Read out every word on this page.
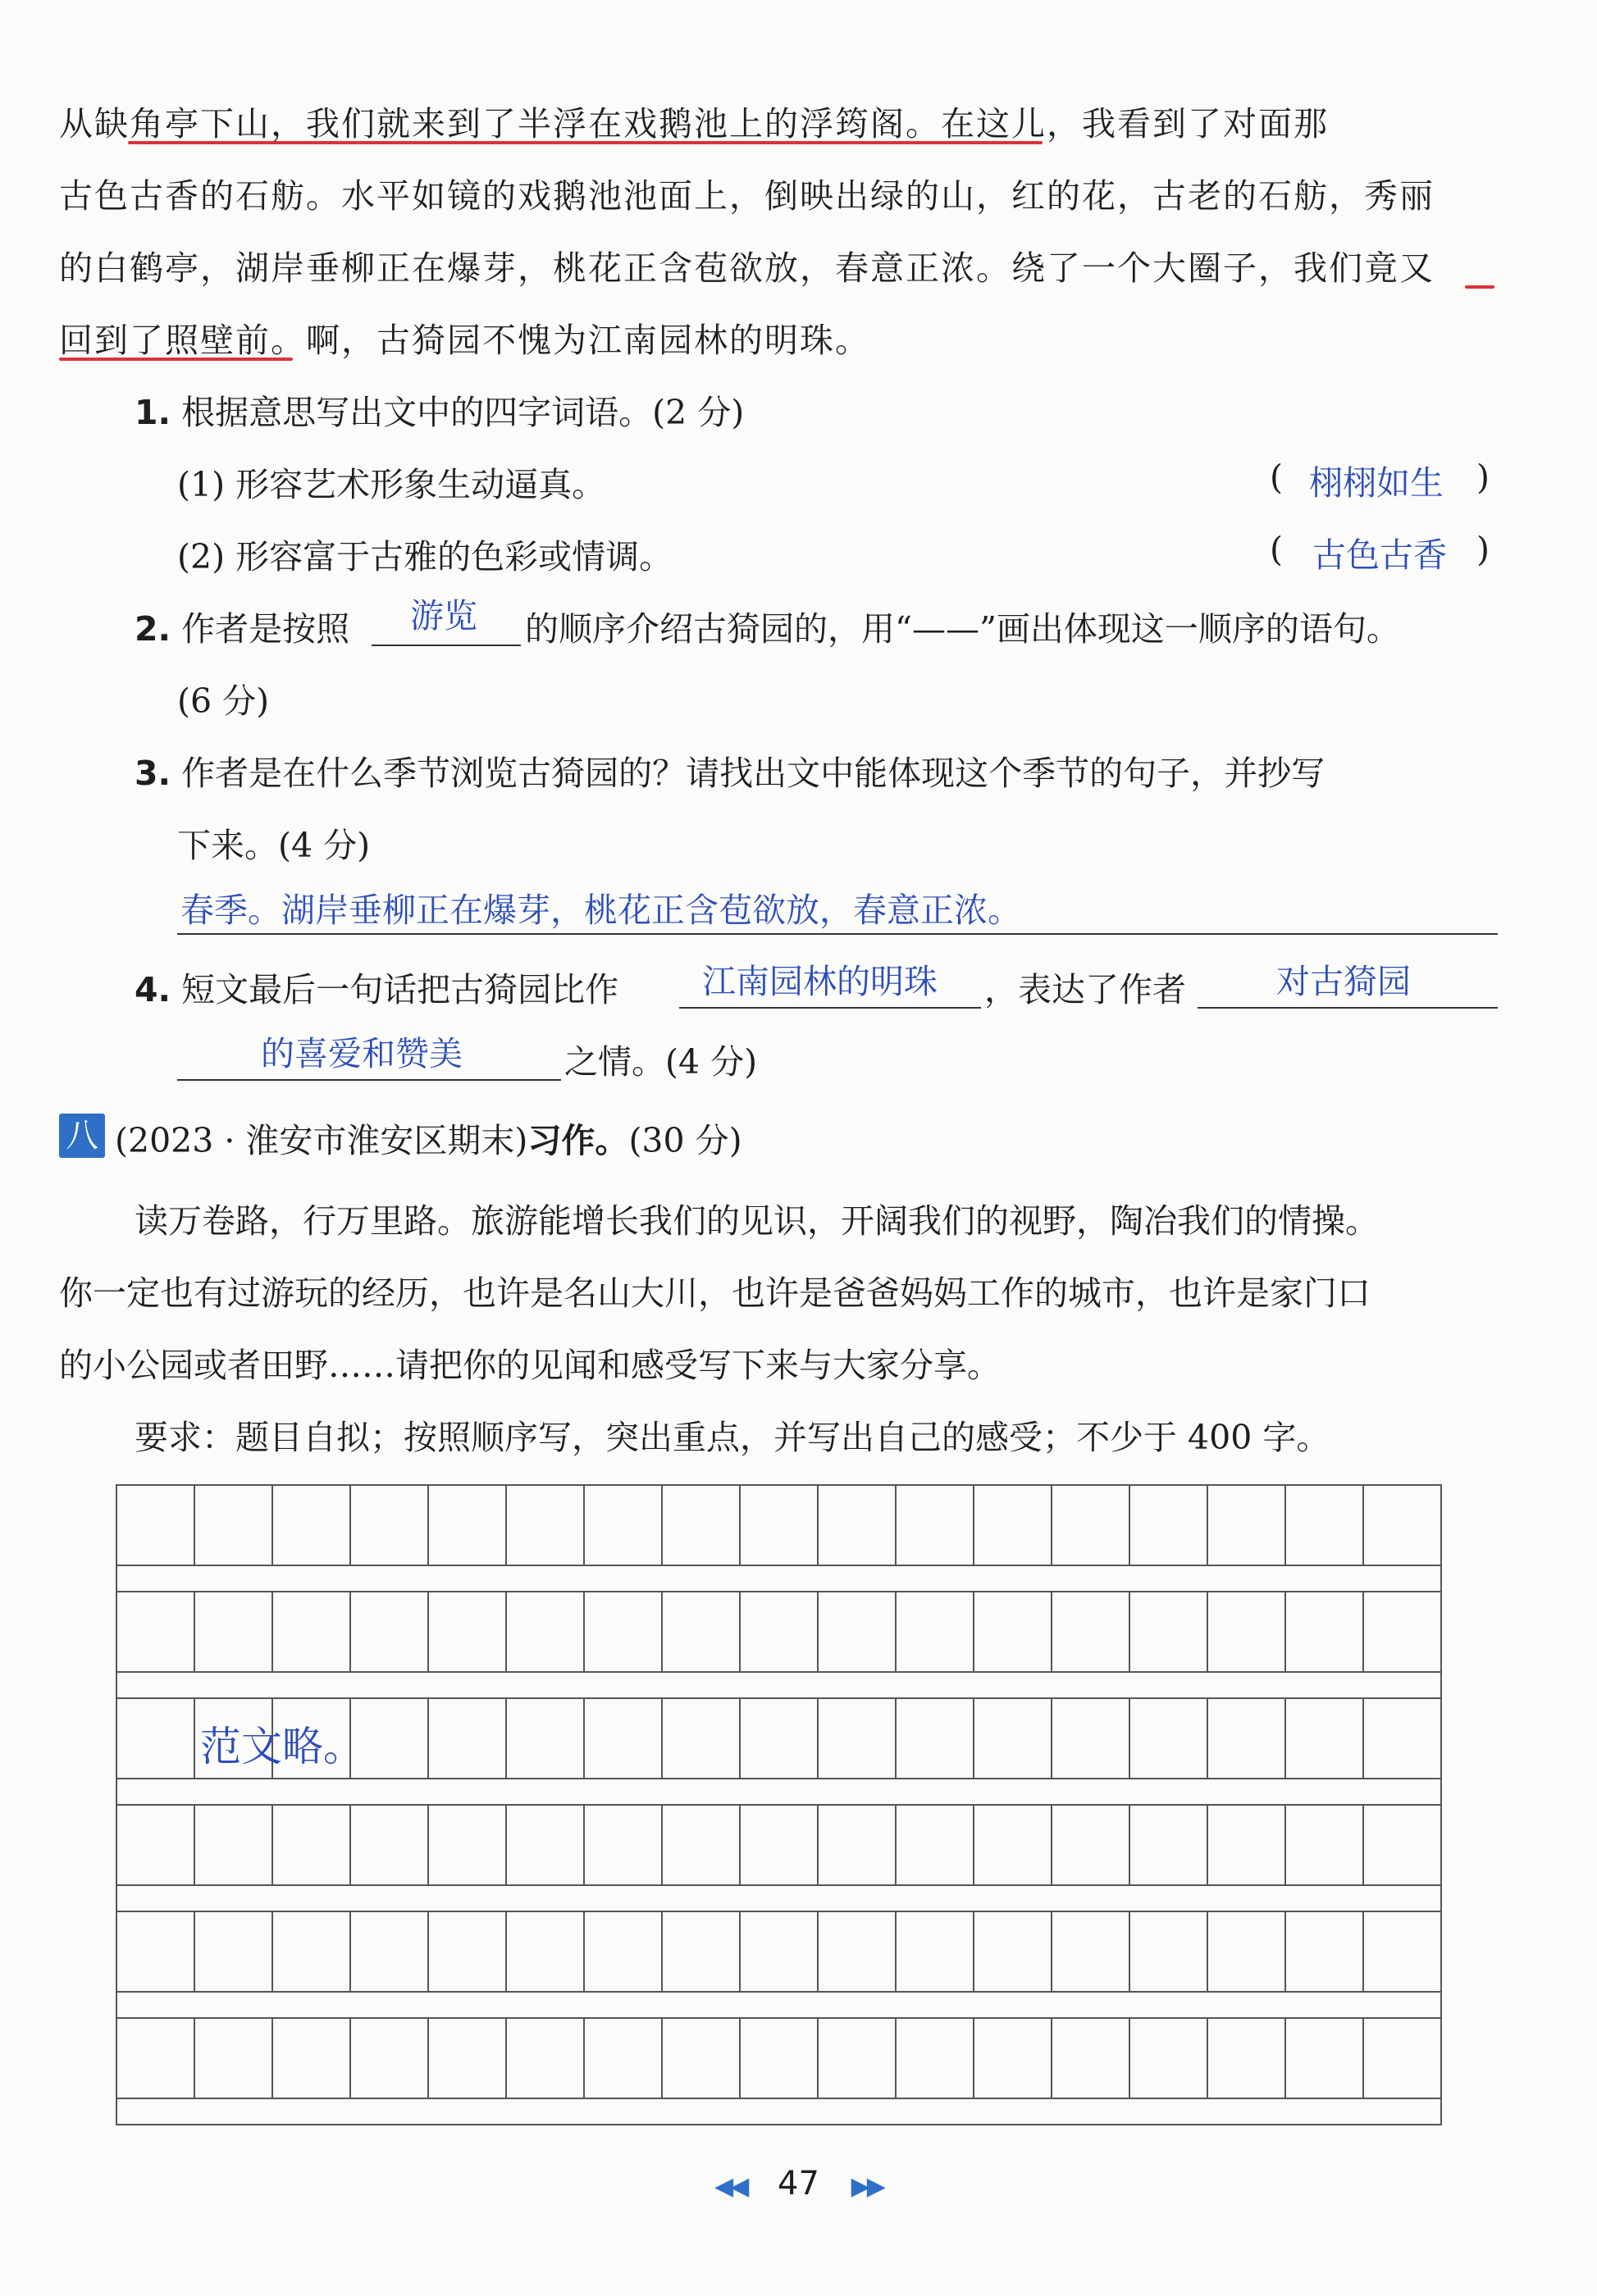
从缺角亭下山，我们就来到了半浮在戏鹅池上的浮筠阁。在这儿，我看到了对面那
古色古香的石舫。水平如镜的戏鹅池池面上，倒映出绿的山，红的花，古老的石舫，秀丽
的白鹤亭，湖岸垂柳正在爆芽，桃花正含苞欲放，春意正浓。绕了一个大圈子，我们竟又
回到了照壁前。啊，古猗园不愧为江南园林的明珠。
1. 根据意思写出文中的四字词语。(2 分)
(1) 形容艺术形象生动逼真。	( 栩栩如生 )
(2) 形容富于古雅的色彩或情调。	( 古色古香 )
2. 作者是按照 游览 的顺序介绍古猗园的，用“——”画出体现这一顺序的语句。
(6 分)
3. 作者是在什么季节浏览古猗园的？请找出文中能体现这个季节的句子，并抄写
下来。(4 分)
春季。湖岸垂柳正在爆芽，桃花正含苞欲放，春意正浓。
4. 短文最后一句话把古猗园比作 江南园林的明珠 ，表达了作者	对古猗园
的喜爱和赞美	之情。(4 分)
八 (2023 · 淮安市淮安区期末)习作。(30 分)
读万卷路，行万里路。旅游能增长我们的见识，开阔我们的视野，陶冶我们的情操。
你一定也有过游玩的经历，也许是名山大川，也许是爸爸妈妈工作的城市，也许是家门口
的小公园或者田野……请把你的见闻和感受写下来与大家分享。
要求：题目自拟；按照顺序写，突出重点，并写出自己的感受；不少于 400 字。
范文略。
◀◀ 47 ▶▶
